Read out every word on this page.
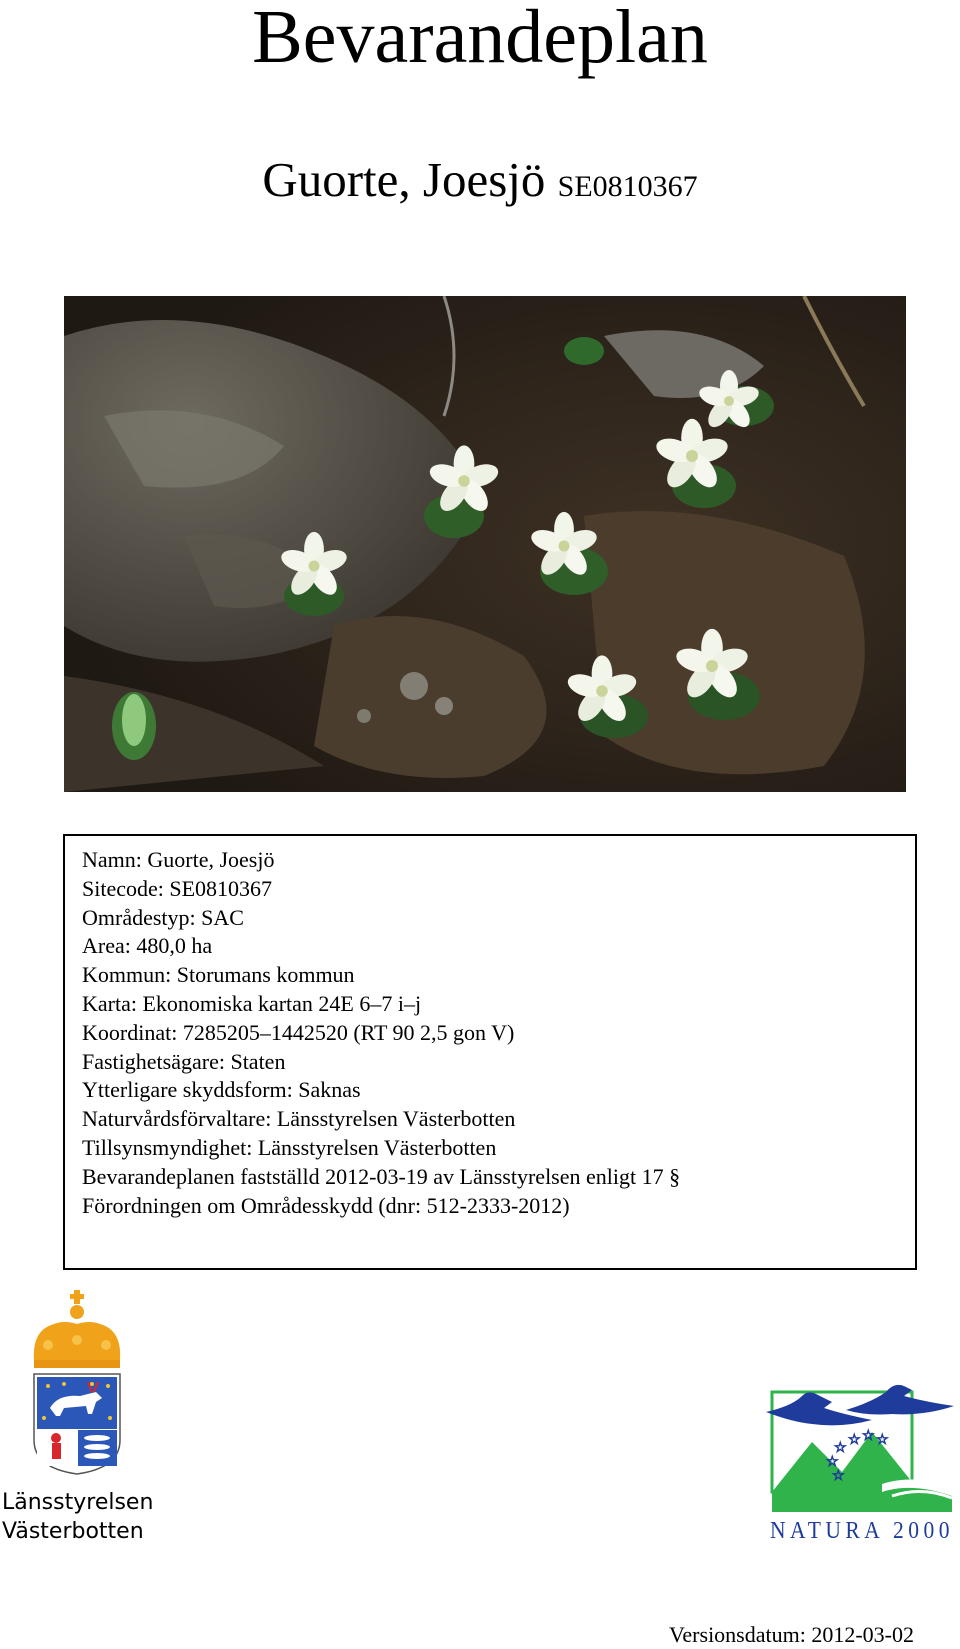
Bevarandeplan
Guorte, Joesjö SE0810367
Namn: Guorte, Joesjö
Sitecode: SE0810367
Områdestyp: SAC
Area: 480,0 ha
Kommun: Storumans kommun
Karta: Ekonomiska kartan 24E 6–7 i–j
Koordinat: 7285205–1442520 (RT 90 2,5 gon V)
Fastighetsägare: Staten
Ytterligare skyddsform: Saknas
Naturvårdsförvaltare: Länsstyrelsen Västerbotten
Tillsynsmyndighet: Länsstyrelsen Västerbotten
Bevarandeplanen fastställd 2012-03-19 av Länsstyrelsen enligt 17 §
Förordningen om Områdesskydd (dnr: 512-2333-2012)
Länsstyrelsen
Västerbotten
☆ ☆ ☆ ☆
☆
☆
NATURA 2000
Versionsdatum: 2012-03-02
